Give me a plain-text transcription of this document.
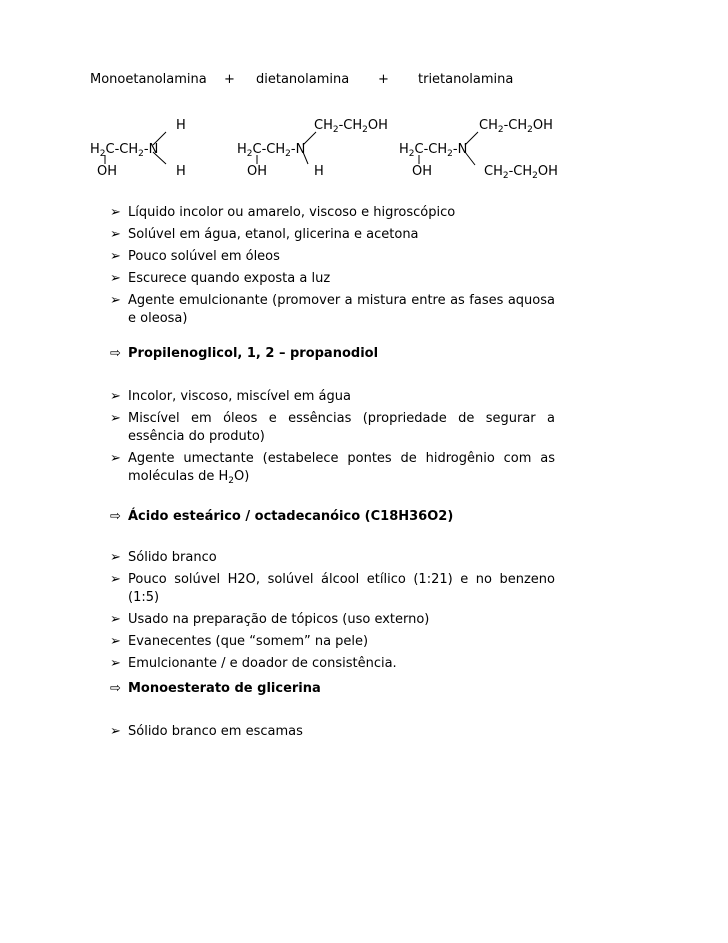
Monoetanolamina + dietanolamina + trietanolamina
H
$H_2C-CH_2-N$
OH	H
$CH_2-CH_2OH$
$H_2C-CH_2-N$
OH	H
$CH_2-CH_2OH$
$H_2C-CH_2-N$
OH	$CH_2-CH_2OH$
➢ Líquido incolor ou amarelo, viscoso e higroscópico
➢ Solúvel em água, etanol, glicerina e acetona
➢ Pouco solúvel em óleos
➢ Escurece quando exposta a luz
➢ Agente emulcionante (promover a mistura entre as fases aquosa e oleosa)
⇨ Propilenoglicol, 1, 2 – propanodiol
➢ Incolor, viscoso, miscível em água
➢ Miscível em óleos e essências (propriedade de segurar a essência do produto)
➢ Agente umectante (estabelece pontes de hidrogênio com as moléculas de $H_2O$)
⇨ Ácido esteárico / octadecanóico (C18H36O2)
➢ Sólido branco
➢ Pouco solúvel H2O, solúvel álcool etílico (1:21) e no benzeno (1:5)
➢ Usado na preparação de tópicos (uso externo)
➢ Evanecentes (que “somem” na pele)
➢ Emulcionante / e doador de consistência.
⇨ Monoesterato de glicerina
➢ Sólido branco em escamas
